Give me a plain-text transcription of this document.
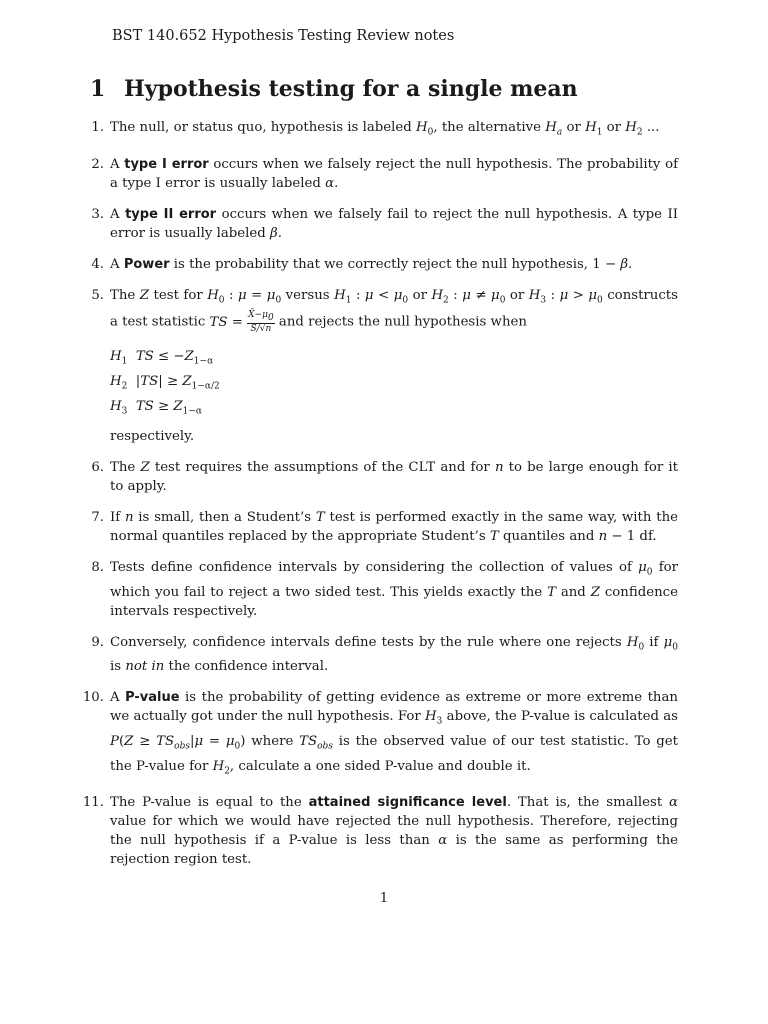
BST 140.652 Hypothesis Testing Review notes
1 Hypothesis testing for a single mean
1. The null, or status quo, hypothesis is labeled $H_0$, the alternative $H_a$ or $H_1$ or $H_2$ ...
2. A type I error occurs when we falsely reject the null hypothesis. The probability of a type I error is usually labeled α.
3. A type II error occurs when we falsely fail to reject the null hypothesis. A type II error is usually labeled β.
4. A Power is the probability that we correctly reject the null hypothesis, 1 − β.
5. The Z test for $H_0$ : $\mu = \mu_0$ versus $H_1$ : $\mu < \mu_0$ or $H_2$ : $\mu \ne \mu_0$ or $H_3$ : $\mu > \mu_0$ constructs a test statistic TS = $\frac{X̄-\mu_0}{S/√n}$ and rejects the null hypothesis when
$H_1$ TS ≤ $-Z_{1-\alpha}$
$H_2$  $|TS| \ge Z_{1-\alpha/2}$
$H_3$ TS ≥ $Z_{1-\alpha}$
respectively.
6. The Z test requires the assumptions of the CLT and for n to be large enough for it to apply.
7. If n is small, then a Student’s T test is performed exactly in the same way, with the normal quantiles replaced by the appropriate Student’s T quantiles and n − 1 df.
8. Tests define confidence intervals by considering the collection of values of $\mu_0$ for which you fail to reject a two sided test. This yields exactly the T and Z confidence intervals respectively.
9. Conversely, confidence intervals define tests by the rule where one rejects $H_0$ if $\mu_0$ is not in the confidence interval.
10. A P-value is the probability of getting evidence as extreme or more extreme than we actually got under the null hypothesis. For $H_3$ above, the P-value is calculated as $P(Z \ge TS_{obs}|\mu = \mu_0)$ where $TS_{obs}$ is the observed value of our test statistic. To get the P-value for $H_2$, calculate a one sided P-value and double it.
11. The P-value is equal to the attained significance level. That is, the smallest α value for which we would have rejected the null hypothesis. Therefore, rejecting the null hypothesis if a P-value is less than α is the same as performing the rejection region test.
1
